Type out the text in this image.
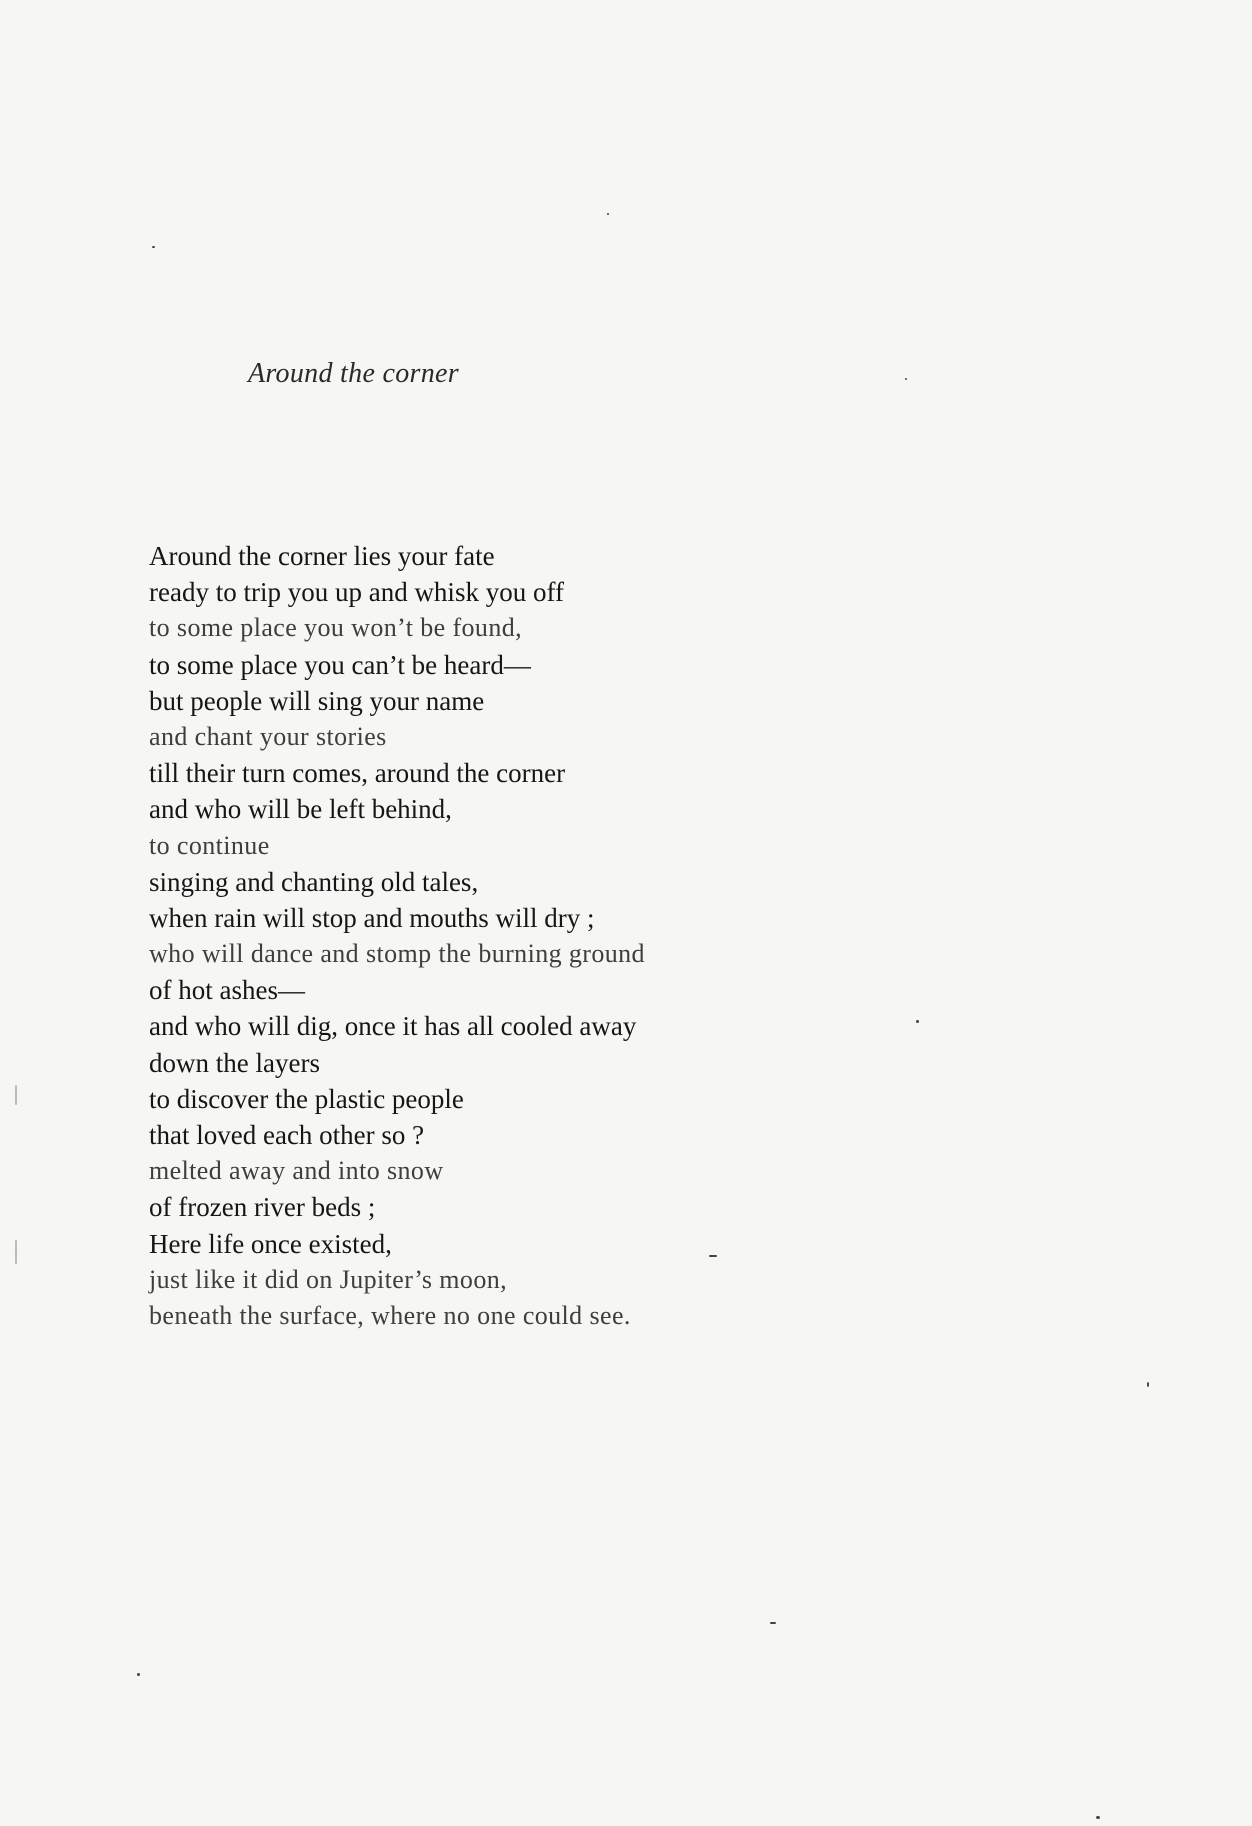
Around the corner
Around the corner lies your fate
ready to trip you up and whisk you off
to some place you won’t be found,
to some place you can’t be heard—
but people will sing your name
and chant your stories
till their turn comes, around the corner
and who will be left behind,
to continue
singing and chanting old tales,
when rain will stop and mouths will dry ;
who will dance and stomp the burning ground
of hot ashes—
and who will dig, once it has all cooled away
down the layers
to discover the plastic people
that loved each other so ?
melted away and into snow
of frozen river beds ;
Here life once existed,
just like it did on Jupiter’s moon,
beneath the surface, where no one could see.
